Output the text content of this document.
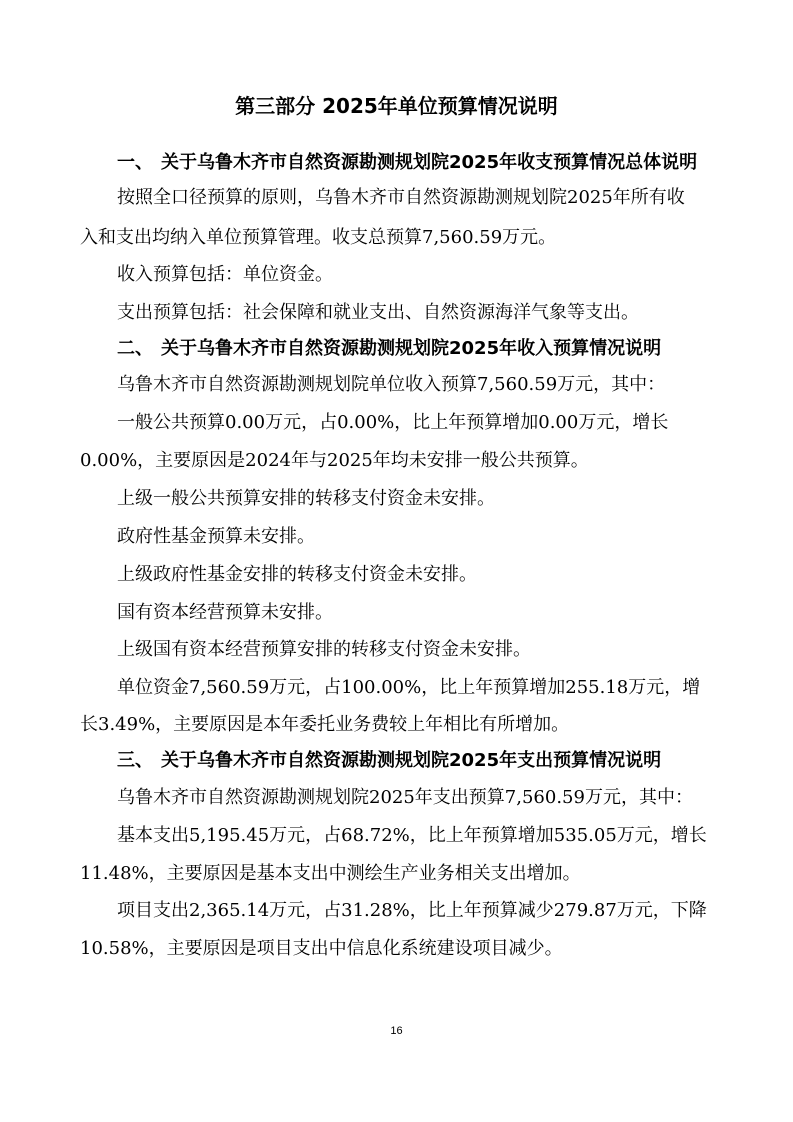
第三部分 2025年单位预算情况说明
一、 关于乌鲁木齐市自然资源勘测规划院2025年收支预算情况总体说明
按照全口径预算的原则，乌鲁木齐市自然资源勘测规划院2025年所有收
入和支出均纳入单位预算管理。收支总预算7,560.59万元。
收入预算包括：单位资金。
支出预算包括：社会保障和就业支出、自然资源海洋气象等支出。
二、 关于乌鲁木齐市自然资源勘测规划院2025年收入预算情况说明
乌鲁木齐市自然资源勘测规划院单位收入预算7,560.59万元，其中：
一般公共预算0.00万元，占0.00%，比上年预算增加0.00万元，增长
0.00%，主要原因是2024年与2025年均未安排一般公共预算。
上级一般公共预算安排的转移支付资金未安排。
政府性基金预算未安排。
上级政府性基金安排的转移支付资金未安排。
国有资本经营预算未安排。
上级国有资本经营预算安排的转移支付资金未安排。
单位资金7,560.59万元，占100.00%，比上年预算增加255.18万元，增
长3.49%，主要原因是本年委托业务费较上年相比有所增加。
三、 关于乌鲁木齐市自然资源勘测规划院2025年支出预算情况说明
乌鲁木齐市自然资源勘测规划院2025年支出预算7,560.59万元，其中：
基本支出5,195.45万元，占68.72%，比上年预算增加535.05万元，增长
11.48%，主要原因是基本支出中测绘生产业务相关支出增加。
项目支出2,365.14万元，占31.28%，比上年预算减少279.87万元，下降
10.58%，主要原因是项目支出中信息化系统建设项目减少。
16
